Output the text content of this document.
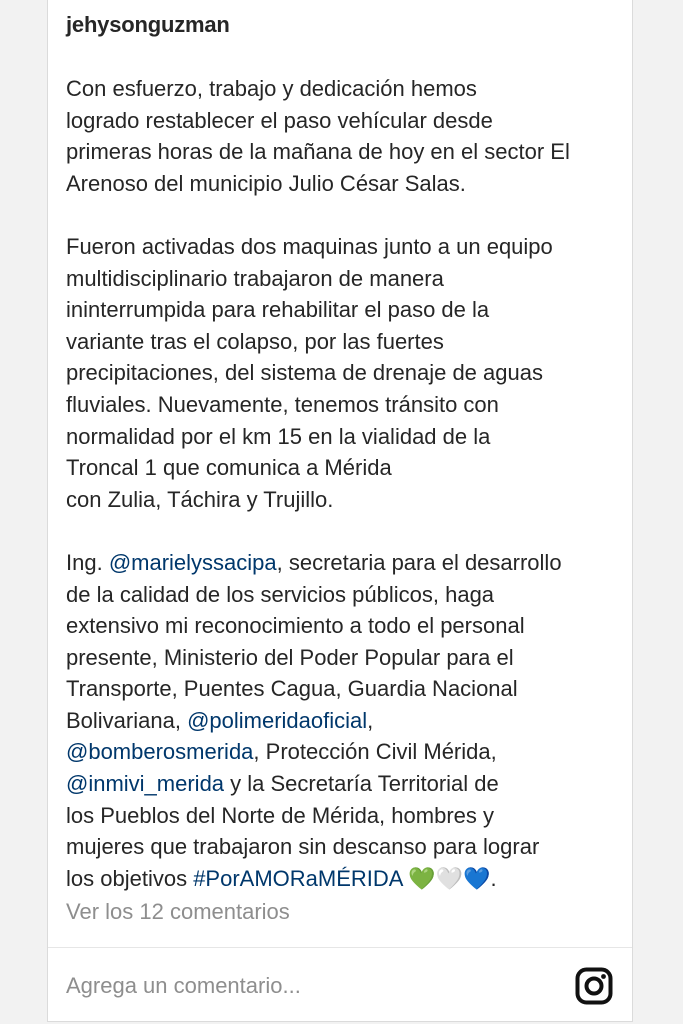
jehysonguzman

Con esfuerzo, trabajo y dedicación hemos
logrado restablecer el paso vehícular desde
primeras horas de la mañana de hoy en el sector El
Arenoso del municipio Julio César Salas.

Fueron activadas dos maquinas junto a un equipo
multidisciplinario trabajaron de manera
ininterrumpida para rehabilitar el paso de la
variante tras el colapso, por las fuertes
precipitaciones, del sistema de drenaje de aguas
fluviales. Nuevamente, tenemos tránsito con
normalidad por el km 15 en la vialidad de la
Troncal 1 que comunica a Mérida
con Zulia, Táchira y Trujillo.

Ing. @marielyssacipa, secretaria para el desarrollo
de la calidad de los servicios públicos, haga
extensivo mi reconocimiento a todo el personal
presente, Ministerio del Poder Popular para el
Transporte, Puentes Cagua, Guardia Nacional
Bolivariana, @polimeridaoficial,
@bomberosmerida, Protección Civil Mérida,
@inmivi_merida y la Secretaría Territorial de
los Pueblos del Norte de Mérida, hombres y
mujeres que trabajaron sin descanso para lograr
los objetivos #PorAMORaMÉRIDA 💚🤍💙.

Ver los 12 comentarios
Agrega un comentario...
